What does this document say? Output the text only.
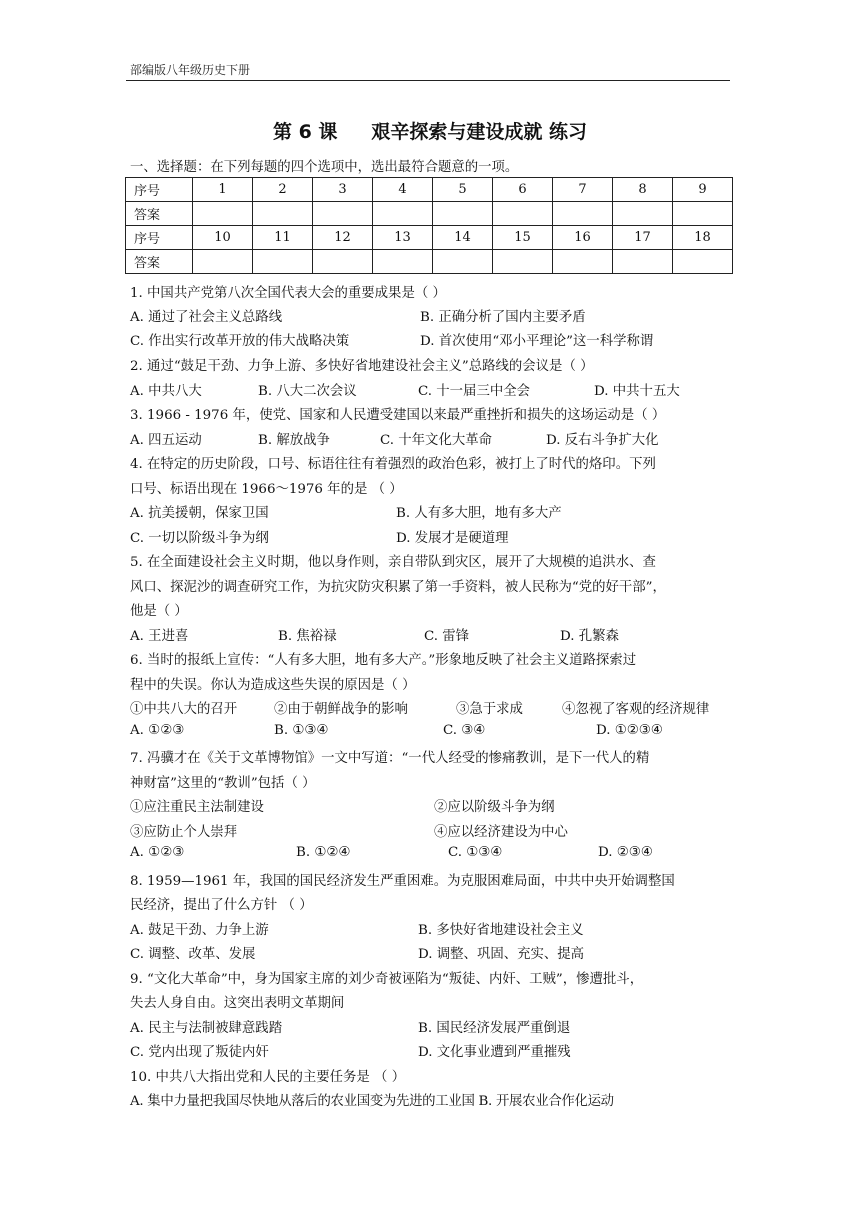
部编版八年级历史下册
第 6 课 艰辛探索与建设成就 练习
一、选择题：在下列每题的四个选项中，选出最符合题意的一项。
序号	1	2	3	4	5	6	7	8	9
答案									
序号	10	11	12	13	14	15	16	17	18
答案									
1. 中国共产党第八次全国代表大会的重要成果是（ ）
A. 通过了社会主义总路线	B. 正确分析了国内主要矛盾
C. 作出实行改革开放的伟大战略决策	D. 首次使用“邓小平理论”这一科学称谓
2. 通过“鼓足干劲、力争上游、多快好省地建设社会主义”总路线的会议是（ ）
A. 中共八大	B. 八大二次会议	C. 十一届三中全会	D. 中共十五大
3. 1966 - 1976 年，使党、国家和人民遭受建国以来最严重挫折和损失的这场运动是（ ）
A. 四五运动	B. 解放战争	C. 十年文化大革命	D. 反右斗争扩大化
4. 在特定的历史阶段，口号、标语往往有着强烈的政治色彩，被打上了时代的烙印。下列
口号、标语出现在 1966～1976 年的是 （ ）
A. 抗美援朝，保家卫国	B. 人有多大胆，地有多大产
C. 一切以阶级斗争为纲	D. 发展才是硬道理
5. 在全面建设社会主义时期，他以身作则，亲自带队到灾区，展开了大规模的追洪水、查
风口、探泥沙的调查研究工作，为抗灾防灾积累了第一手资料，被人民称为“党的好干部”，
他是（ ）
A. 王进喜	B. 焦裕禄	C. 雷锋	D. 孔繁森
6. 当时的报纸上宣传：“人有多大胆，地有多大产。”形象地反映了社会主义道路探索过
程中的失误。你认为造成这些失误的原因是（ ）
①中共八大的召开	②由于朝鲜战争的影响	③急于求成	④忽视了客观的经济规律
A. ①②③	B. ①③④	C. ③④	D. ①②③④
7. 冯骥才在《关于文革博物馆》一文中写道：“一代人经受的惨痛教训，是下一代人的精
神财富”这里的“教训”包括（ ）
①应注重民主法制建设	②应以阶级斗争为纲
③应防止个人崇拜	④应以经济建设为中心
A. ①②③	B. ①②④	C. ①③④	D. ②③④
8. 1959—1961 年，我国的国民经济发生严重困难。为克服困难局面，中共中央开始调整国
民经济，提出了什么方针 （ ）
A. 鼓足干劲、力争上游	B. 多快好省地建设社会主义
C. 调整、改革、发展	D. 调整、巩固、充实、提高
9. “文化大革命”中，身为国家主席的刘少奇被诬陷为“叛徒、内奸、工贼”，惨遭批斗，
失去人身自由。这突出表明文革期间
A. 民主与法制被肆意践踏	B. 国民经济发展严重倒退
C. 党内出现了叛徒内奸	D. 文化事业遭到严重摧残
10. 中共八大指出党和人民的主要任务是 （ ）
A. 集中力量把我国尽快地从落后的农业国变为先进的工业国 B. 开展农业合作化运动
